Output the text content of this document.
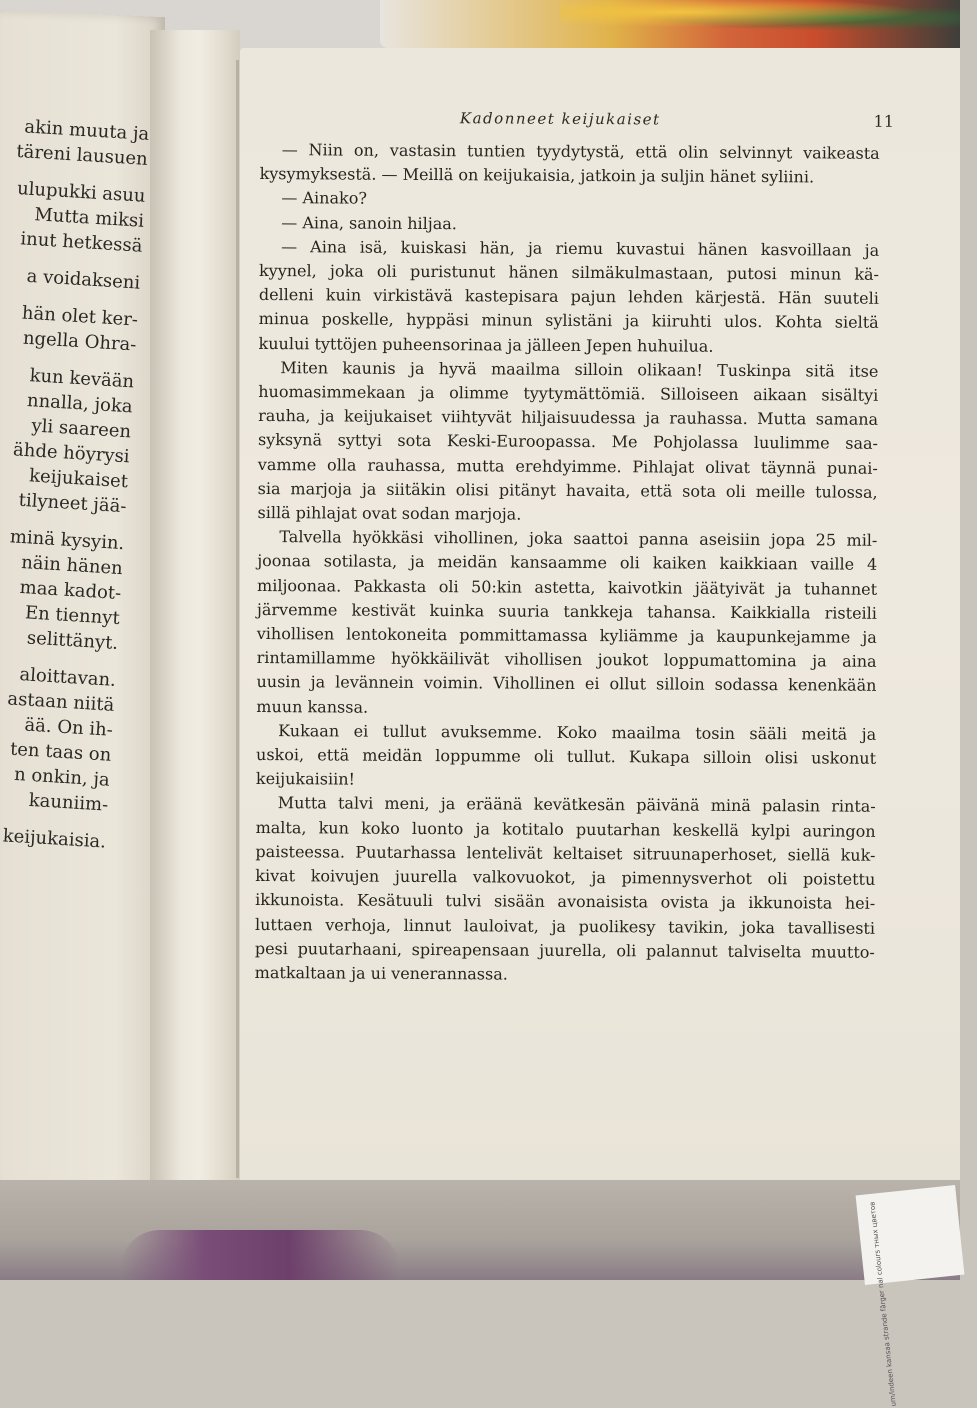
akin muuta ja
täreni lausuen
ulupukki asuu
Mutta miksi
inut hetkessä
a voidakseni
hän olet ker-
ngella Ohra-
kun kevään
nnalla, joka
yli saareen
ähde höyrysi
keijukaiset
tilyneet jää-
minä kysyin.
näin hänen
maa kadot-
En tiennyt
selittänyt.
aloittavan.
astaan niitä
ää. On ih-
ten taas on
n onkin, ja
kauniim-
keijukaisia.
Kadonneet keijukaiset	11
— Niin on, vastasin tuntien tyydytystä, että olin selvinnyt vaikeasta
kysymyksestä. — Meillä on keijukaisia, jatkoin ja suljin hänet syliini.
— Ainako?
— Aina, sanoin hiljaa.
— Aina isä, kuiskasi hän, ja riemu kuvastui hänen kasvoillaan ja
kyynel, joka oli puristunut hänen silmäkulmastaan, putosi minun kä-
delleni kuin virkistävä kastepisara pajun lehden kärjestä. Hän suuteli
minua poskelle, hyppäsi minun sylistäni ja kiiruhti ulos. Kohta sieltä
kuului tyttöjen puheensorinaa ja jälleen Jepen huhuilua.
Miten kaunis ja hyvä maailma silloin olikaan! Tuskinpa sitä itse
huomasimmekaan ja olimme tyytymättömiä. Silloiseen aikaan sisältyi
rauha, ja keijukaiset viihtyvät hiljaisuudessa ja rauhassa. Mutta samana
syksynä syttyi sota Keski-Euroopassa. Me Pohjolassa luulimme saa-
vamme olla rauhassa, mutta erehdyimme. Pihlajat olivat täynnä punai-
sia marjoja ja siitäkin olisi pitänyt havaita, että sota oli meille tulossa,
sillä pihlajat ovat sodan marjoja.
Talvella hyökkäsi vihollinen, joka saattoi panna aseisiin jopa 25 mil-
joonaa sotilasta, ja meidän kansaamme oli kaiken kaikkiaan vaille 4
miljoonaa. Pakkasta oli 50:kin astetta, kaivotkin jäätyivät ja tuhannet
järvemme kestivät kuinka suuria tankkeja tahansa. Kaikkialla risteili
vihollisen lentokoneita pommittamassa kyliämme ja kaupunkejamme ja
rintamillamme hyökkäilivät vihollisen joukot loppumattomina ja aina
uusin ja levännein voimin. Vihollinen ei ollut silloin sodassa kenenkään
muun kanssa.
Kukaan ei tullut avuksemme. Koko maailma tosin sääli meitä ja
uskoi, että meidän loppumme oli tullut. Kukapa silloin olisi uskonut
keijukaisiin!
Mutta talvi meni, ja eräänä kevätkesän päivänä minä palasin rinta-
malta, kun koko luonto ja kotitalo puutarhan keskellä kylpi auringon
paisteessa. Puutarhassa lentelivät keltaiset sitruunaperhoset, siellä kuk-
kivat koivujen juurella valkovuokot, ja pimennysverhot oli poistettu
ikkunoista. Kesätuuli tulvi sisään avonaisista ovista ja ikkunoista hei-
luttaen verhoja, linnut lauloivat, ja puolikesy tavikin, joka tavallisesti
pesi puutarhaani, spireapensaan juurella, oli palannut talviselta muutto-
matkaltaan ja ui venerannassa.
um/indeen kansaa strande färger nal colours тных цветов
